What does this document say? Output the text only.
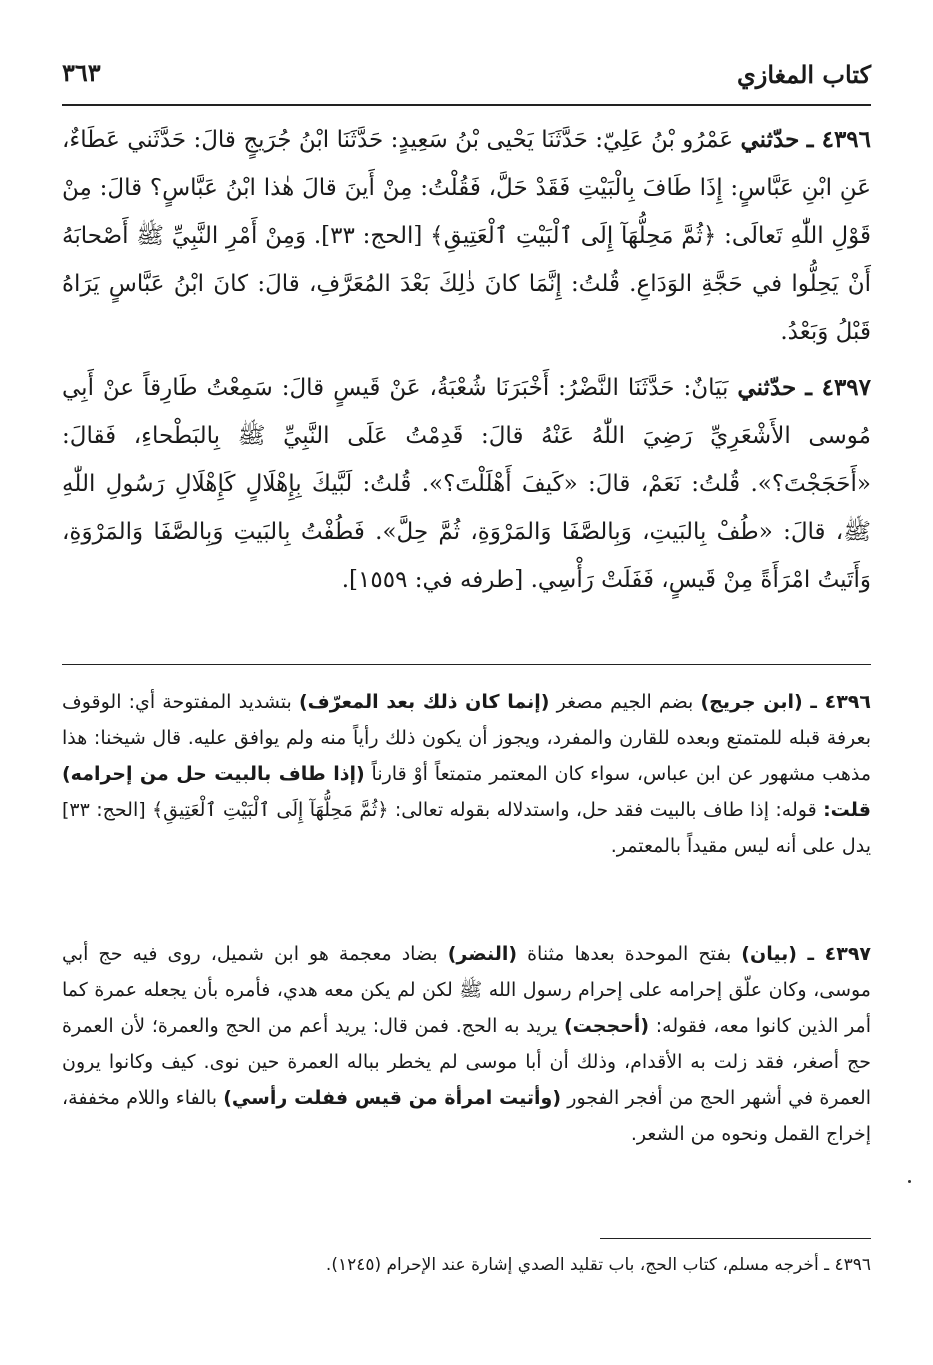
كتاب المغازي
٣٦٣

٤٣٩٦ ـ حدّثني عَمْرُو بْنُ عَلِيّ: حَدَّثَنَا يَحْيى بْنُ سَعِيدٍ: حَدَّثَنَا ابْنُ جُرَيجٍ قالَ: حَدَّثَني عَطَاءٌ، عَنِ ابْنِ عَبَّاسٍ: إِذَا طَافَ بِالْبَيْتِ فَقَدْ حَلَّ، فَقُلْتُ: مِنْ أَينَ قالَ هٰذا ابْنُ عَبَّاسٍ؟ قالَ: مِنْ قَوْلِ اللّٰهِ تَعالَى: ﴿ثُمَّ مَحِلُّهَآ إِلَى ٱلْبَيْتِ ٱلْعَتِيقِ﴾ [الحج: ٣٣]. وَمِنْ أَمْرِ النَّبِيِّ ﷺ أَصْحابَهُ أَنْ يَحِلُّوا في حَجَّةِ الوَدَاعِ. قُلتُ: إِنَّمَا كانَ ذٰلِكَ بَعْدَ المُعَرَّفِ، قالَ: كانَ ابْنُ عَبَّاسٍ يَرَاهُ قَبْلُ وَبَعْدُ.

٤٣٩٧ ـ حدّثني بَيَانٌ: حَدَّثَنَا النَّضْرُ: أَخْبَرَنَا شُعْبَةُ، عَنْ قَيسٍ قالَ: سَمِعْتُ طَارِقاً عنْ أَبِي مُوسى الأَشْعَرِيِّ رَضِيَ اللّٰهُ عَنْهُ قالَ: قَدِمْتُ عَلَى النَّبِيِّ ﷺ بِالبَطْحاءِ، فَقالَ: «أَحَجَجْتَ؟». قُلتُ: نَعَمْ، قالَ: «كَيفَ أَهْلَلْتَ؟». قُلتُ: لَبَّيكَ بِإِهْلَالٍ كَإِهْلَالِ رَسُولِ اللّٰهِ ﷺ، قالَ: «طُفْ بِالبَيتِ، وَبِالصَّفَا وَالمَرْوَةِ، ثُمَّ حِلَّ». فَطُفْتُ بِالبَيتِ وَبِالصَّفَا وَالمَرْوَةِ، وَأَتَيتُ امْرَأَةً مِنْ قَيسٍ، فَفَلَتْ رَأْسِي. [طرفه في: ١٥٥٩].

٤٣٩٦ ـ (ابن جريج) بضم الجيم مصغر (إنما كان ذلك بعد المعرّف) بتشديد المفتوحة أي: الوقوف بعرفة قبله للمتمتع وبعده للقارن والمفرد، ويجوز أن يكون ذلك رأياً منه ولم يوافق عليه. قال شيخنا: هذا مذهب مشهور عن ابن عباس، سواء كان المعتمر متمتعاً أوْ قارناً (إذا طاف بالبيت حل من إحرامه) قلت: قوله: إذا طاف بالبيت فقد حل، واستدلاله بقوله تعالى: ﴿ثُمَّ مَحِلُّهَآ إِلَى ٱلْبَيْتِ ٱلْعَتِيقِ﴾ [الحج: ٣٣] يدل على أنه ليس مقيداً بالمعتمر.

٤٣٩٧ ـ (بيان) بفتح الموحدة بعدها مثناة (النضر) بضاد معجمة هو ابن شميل، روى فيه حج أبي موسى، وكان علّق إحرامه على إحرام رسول الله ﷺ لكن لم يكن معه هدي، فأمره بأن يجعله عمرة كما أمر الذين كانوا معه، فقوله: (أحججت) يريد به الحج. فمن قال: يريد أعم من الحج والعمرة؛ لأن العمرة حج أصغر، فقد زلت به الأقدام، وذلك أن أبا موسى لم يخطر بباله العمرة حين نوى. كيف وكانوا يرون العمرة في أشهر الحج من أفجر الفجور (وأتيت امرأة من قيس ففلت رأسي) بالفاء واللام مخففة، إخراج القمل ونحوه من الشعر.

٤٣٩٦ ـ أخرجه مسلم، كتاب الحج، باب تقليد الصدي إشارة عند الإحرام (١٢٤٥).
